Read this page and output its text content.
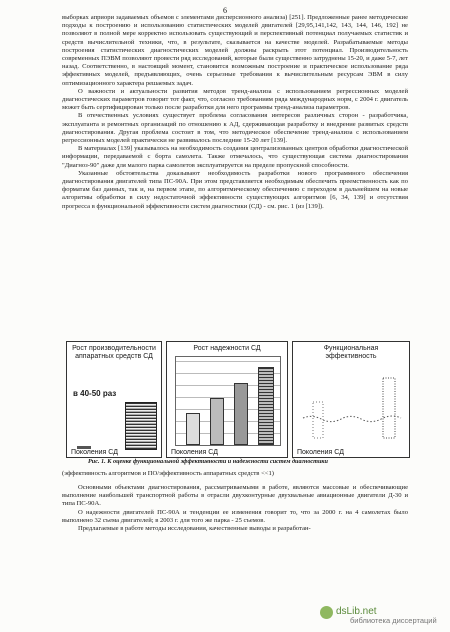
6

выборках априори задаваемых объемов с элементами дисперсионного анализа) [251]. Предложенные ранее методические подходы к построению и использованию статистических моделей двигателей [29,95,141,142, 143, 144, 146, 192] не позволяют в полной мере корректно использовать существующий и перспективный потенциал получаемых статистик и средств вычислительной техники, что, в результате, сказывается на качестве моделей. Разрабатываемые методы построения статистических диагностических моделей должны раскрыть этот потенциал. Производительность современных ПЭВМ позволяют провести ряд исследований, которые были существенно затруднены 15-20, и даже 5-7, лет назад. Соответственно, в настоящий момент, становится возможным построение и практическое использование ряда эффективных моделей, предъявляющих, очень серьезные требования к вычислительным ресурсам ЭВМ в силу оптимизационного характера решаемых задач.

О важности и актуальности развития методов тренд-анализа с использованием регрессионных моделей диагностических параметров говорит тот факт, что, согласно требованиям ряда международных норм, с 2004 г. двигатель может быть сертифицирован только после разработки для него программы тренд-анализа параметров.

В отечественных условиях существует проблема согласования интересов различных сторон - разработчика, эксплуатанта и ремонтных организаций по отношению к АД, сдерживающая разработку и внедрение развитых средств диагностирования. Другая проблема состоит в том, что методическое обеспечение тренд-анализа с использованием регрессионных моделей практически не развивалось последние 15-20 лет [139].

В материалах [139] указывалось на необходимость создания централизованных центров обработки диагностической информации, передаваемой с борта самолета. Также отмечалось, что существующая система диагностирования "Диагноз-90" даже для малого парка самолетов эксплуатируется на пределе пропускной способности.

Указанные обстоятельства доказывают необходимость разработки нового программного обеспечения диагностирования двигателей типа ПС-90А. При этом представляется необходимым обеспечить преемственность как по форматам баз данных, так и, на первом этапе, по алгоритмическому обеспечению с переходом в дальнейшем на новые алгоритмы обработки в силу недостаточной эффективности существующих алгоритмов [6, 34, 139] и отсутствия прогресса в функциональной эффективности систем диагностики (СД) - см. рис. 1 (из [139]).

Рост производительности аппаратных средств СД
в 40-50 раз
Поколения СД
Рост надежности СД
Поколения СД
Функциональная эффективность
Поколения СД
Рис. 1. К оценке функциональной эффективности и надежности систем диагностики
(эффективность алгоритмов и ПО/эффективность аппаратных средств <<1)

Основными объектами диагностирования, рассматриваемыми в работе, являются массовые и обеспечивающие выполнение наибольшей транспортной работы в отрасли двухконтурные двухвальные авиационные двигатели Д-30 и типа ПС-90А.

О надежности двигателей ПС-90А и тенденции ее изменения говорит то, что за 2000 г. на 4 самолетах было выполнено 32 съема двигателей; в 2003 г. для того же парка - 25 съемов.

Предлагаемые в работе методы исследования, качественные выводы и разработан-

dsLib.net
библиотека диссертаций
